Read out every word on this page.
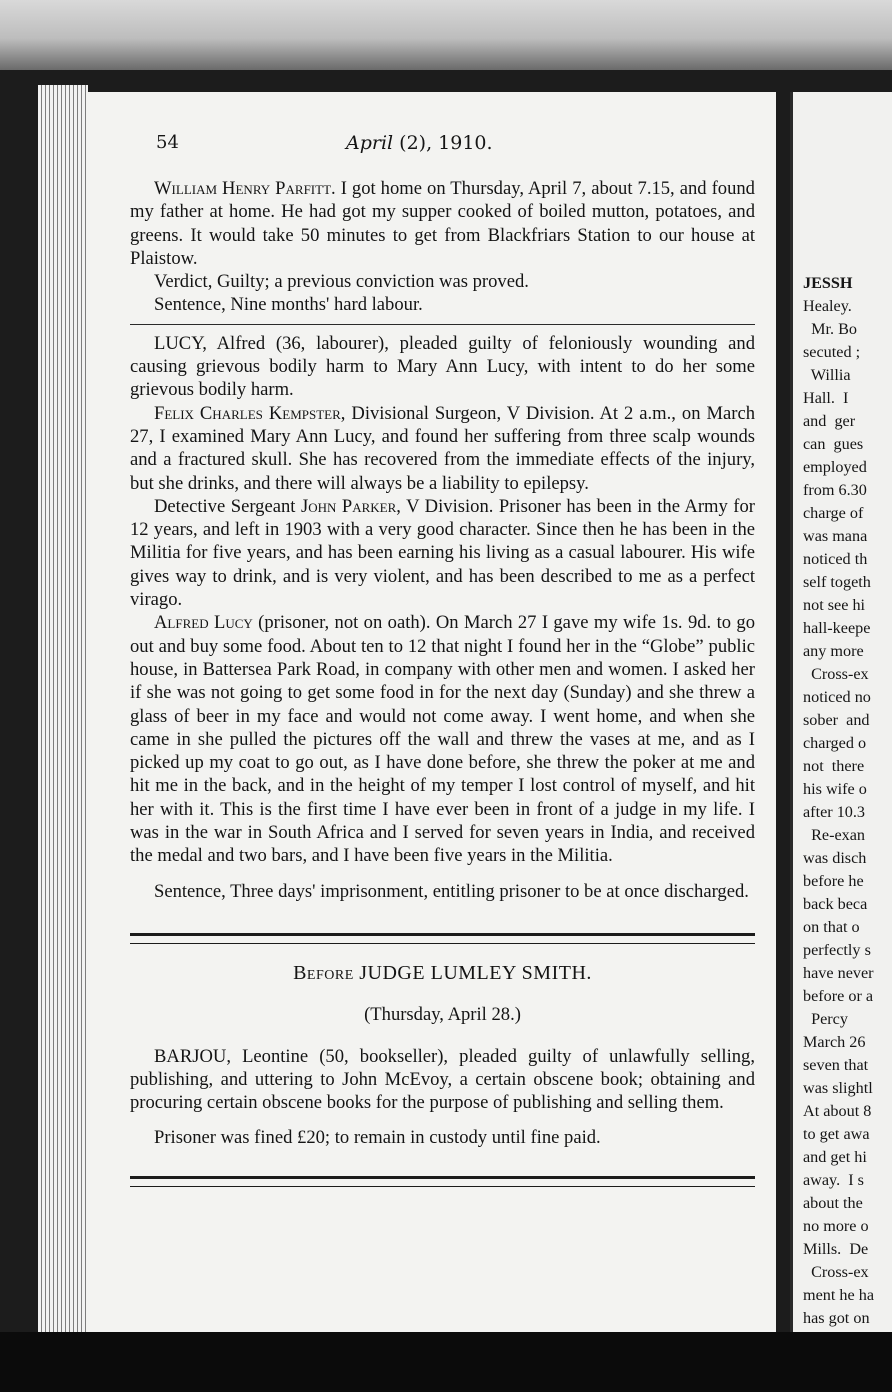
54	April (2), 1910.

William Henry Parfitt. I got home on Thursday, April 7, about 7.15, and found my father at home. He had got my supper cooked of boiled mutton, potatoes, and greens. It would take 50 minutes to get from Blackfriars Station to our house at Plaistow.

Verdict, Guilty; a previous conviction was proved.

Sentence, Nine months' hard labour.

LUCY, Alfred (36, labourer), pleaded guilty of feloniously wounding and causing grievous bodily harm to Mary Ann Lucy, with intent to do her some grievous bodily harm.

Felix Charles Kempster, Divisional Surgeon, V Division. At 2 a.m., on March 27, I examined Mary Ann Lucy, and found her suffering from three scalp wounds and a fractured skull. She has recovered from the immediate effects of the injury, but she drinks, and there will always be a liability to epilepsy.

Detective Sergeant John Parker, V Division. Prisoner has been in the Army for 12 years, and left in 1903 with a very good character. Since then he has been in the Militia for five years, and has been earning his living as a casual labourer. His wife gives way to drink, and is very violent, and has been described to me as a perfect virago.

Alfred Lucy (prisoner, not on oath). On March 27 I gave my wife 1s. 9d. to go out and buy some food. About ten to 12 that night I found her in the “Globe” public house, in Battersea Park Road, in company with other men and women. I asked her if she was not going to get some food in for the next day (Sunday) and she threw a glass of beer in my face and would not come away. I went home, and when she came in she pulled the pictures off the wall and threw the vases at me, and as I picked up my coat to go out, as I have done before, she threw the poker at me and hit me in the back, and in the height of my temper I lost control of myself, and hit her with it. This is the first time I have ever been in front of a judge in my life. I was in the war in South Africa and I served for seven years in India, and received the medal and two bars, and I have been five years in the Militia.

Sentence, Three days' imprisonment, entitling prisoner to be at once discharged.

Before JUDGE LUMLEY SMITH.

(Thursday, April 28.)

BARJOU, Leontine (50, bookseller), pleaded guilty of unlawfully selling, publishing, and uttering to John McEvoy, a certain obscene book; obtaining and procuring certain obscene books for the purpose of publishing and selling them.

Prisoner was fined £20; to remain in custody until fine paid.

JESSH
Healey.
Mr. Bo
secuted ;
Willia
Hall.  I
and  ger
can  gues
employed
from 6.30
charge of
was mana
noticed th
self togeth
not see hi
hall-keepe
any more
Cross-ex
noticed no
sober  and
charged o
not  there
his wife o
after 10.3
Re-exan
was disch
before he
back beca
on that o
perfectly s
have never
before or a
Percy
March 26
seven that
was slightl
At about 8
to get awa
and get hi
away.  I s
about the
no more o
Mills.  De
Cross-ex
ment he ha
has got on
